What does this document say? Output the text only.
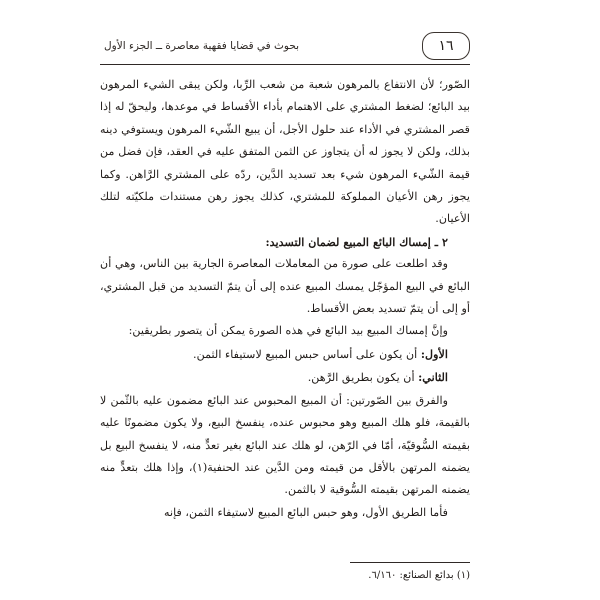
١٦
بحوث في قضايا فقهية معاصرة ــ الجزء الأول

الصّور؛ لأن الانتفاع بالمرهون شعبة من شعب الرِّبا، ولكن يبقى الشيء المرهون بيد البائع؛ لضغط المشتري على الاهتمام بأداء الأقساط في موعدها، وليحقّ له إذا قصر المشتري في الأداء عند حلول الأجل، أن يبيع الشّيء المرهون ويستوفي دينه بذلك، ولكن لا يجوز له أن يتجاوز عن الثمن المتفق عليه في العقد، فإن فضل من قيمة الشّيء المرهون شيء بعد تسديد الدَّين، ردّه على المشتري الرَّاهن. وكما يجوز رهن الأعيان المملوكة للمشتري، كذلك يجوز رهن مستندات ملكيّته لتلك الأعيان.

٢ ـ إمساك البائع المبيع لضمان التسديد:

وقد اطلعت على صورة من المعاملات المعاصرة الجارية بين الناس، وهي أن البائع في البيع المؤجّل يمسك المبيع عنده إلى أن يتمّ التسديد من قبل المشتري، أو إلى أن يتمّ تسديد بعض الأقساط.

وإنَّ إمساك المبيع بيد البائع في هذه الصورة يمكن أن يتصور بطريقين:

الأول: أن يكون على أساس حبس المبيع لاستيفاء الثمن.

الثاني: أن يكون بطريق الرَّهن.

والفرق بين الصّورتين: أن المبيع المحبوس عند البائع مضمون عليه بالثّمن لا بالقيمة، فلو هلك المبيع وهو محبوس عنده، ينفسخ البيع، ولا يكون مضمونًا عليه بقيمته السُّوقيّة، أمّا في الرّهن، لو هلك عند البائع بغير تعدٍّ منه، لا ينفسخ البيع بل يضمنه المرتهن بالأقل من قيمته ومن الدَّين عند الحنفية(١)، وإذا هلك بتعدٍّ منه يضمنه المرتهن بقيمته السُّوقية لا بالثمن.

فأما الطريق الأول، وهو حبس البائع المبيع لاستيفاء الثمن، فإنه

(١) بدائع الصنائع: ٦/١٦٠.
